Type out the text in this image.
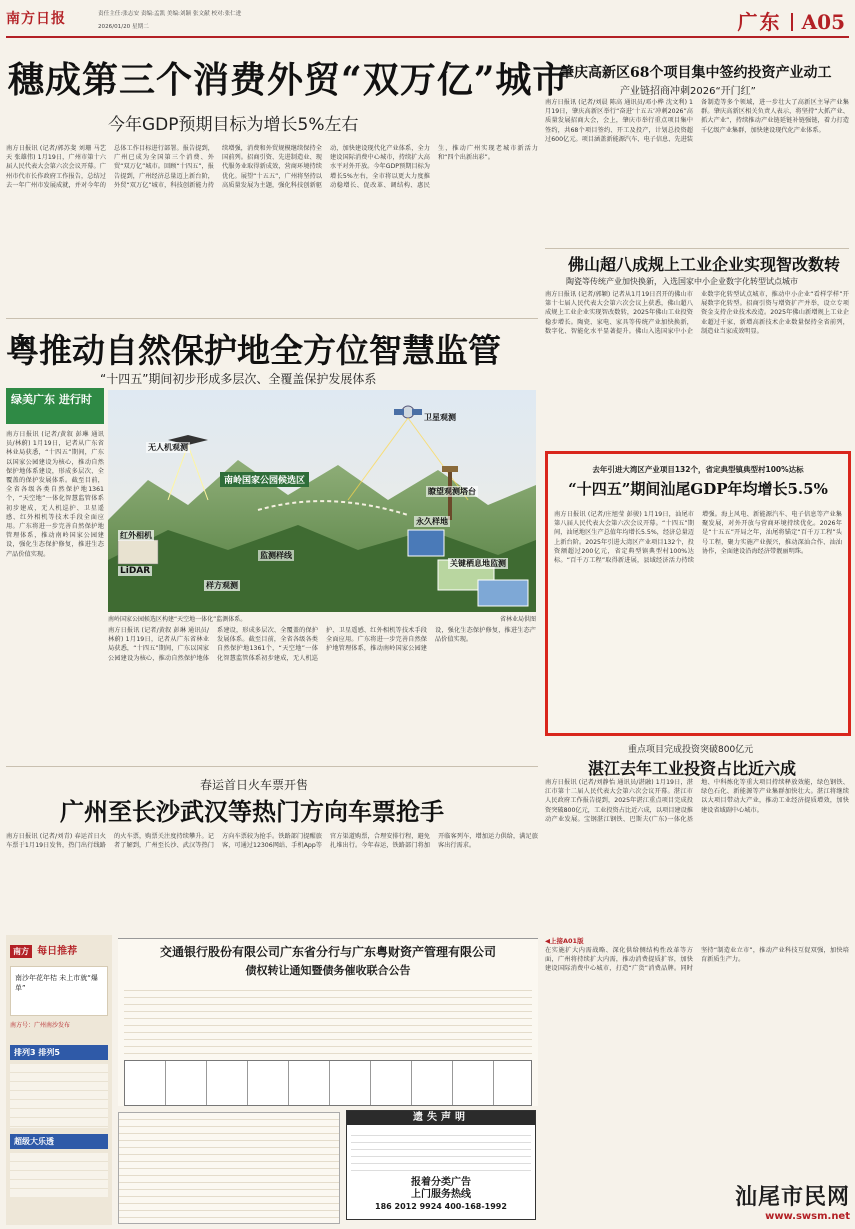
南方日报	责任主任:张志安 责编:孟凯 美编:刘颖 张文献 校对:张仁进
2026/01/20 星期二	广东 A05
穗成第三个消费外贸“双万亿”城市
今年GDP预期目标为增长5%左右
南方日报讯 (记者/郭苏斐 刘珊 马艺天 张雄伟) 1月19日，广州市第十六届人民代表大会第六次会议开幕。广州市代市长作政府工作报告，总结过去一年广州市发展成就，并对今年的总体工作目标进行部署。报告提到，广州已成为全国第三个消费、外贸“双万亿”城市。回顾“十四五”，报告提到，广州经济总量迈上新台阶，外贸“双万亿”城市，科技创新能力持续增强，消费和外贸规模继续保持全国前列。招商引资、先进制造业、现代服务业取得新成效，营商环境持续优化。展望“十五五”，广州将坚持以高质量发展为主题，强化科技创新驱动，加快建设现代化产业体系，全力建设国际消费中心城市，持续扩大高水平对外开放。今年GDP预期目标为增长5%左右，全市将以更大力度推动稳增长、促改革、调结构、惠民生，推动广州实现老城市新活力和“四个出新出彩”。
粤推动自然保护地全方位智慧监管
“十四五”期间初步形成多层次、全覆盖保护发展体系
绿美广东 进行时
南方日报讯 (记者/黄叙 彭琳 通讯员/林蔚) 1月19日，记者从广东省林业局获悉，“十四五”期间，广东以国家公园建设为核心，推动自然保护地体系建设，形成多层次、全覆盖的保护发展体系。截至目前，全省各级各类自然保护地1361个，“天空地”一体化智慧监管体系初步建成，无人机巡护、卫星遥感、红外相机等技术手段全面应用。广东将进一步完善自然保护地管理体系，推动南岭国家公园建设，强化生态保护修复，推进生态产品价值实现。
无人机观测
卫星观测
南岭国家公园候选区
瞭望观测塔台
红外相机
监测样线
永久样地
LiDAR
样方观测
关键栖息地监测
南岭国家公园候选区构建“天空地一体化”监测体系。	省林业局供图
南方日报讯 (记者/黄叙 彭琳 通讯员/林蔚) 1月19日，记者从广东省林业局获悉，“十四五”期间，广东以国家公园建设为核心，推动自然保护地体系建设，形成多层次、全覆盖的保护发展体系。截至目前，全省各级各类自然保护地1361个，“天空地”一体化智慧监管体系初步建成，无人机巡护、卫星遥感、红外相机等技术手段全面应用。广东将进一步完善自然保护地管理体系，推动南岭国家公园建设，强化生态保护修复，推进生态产品价值实现。
春运首日火车票开售
广州至长沙武汉等热门方向车票抢手
南方日报讯 (记者/刘青) 春运首日火车票于1月19日发售，热门出行线路的火车票，购票关注度持续攀升。记者了解到，广州至长沙、武汉等热门方向车票较为抢手。铁路部门提醒旅客，可通过12306网站、手机App等官方渠道购票，合理安排行程，避免扎堆出行。今年春运，铁路部门将加开临客列车，增加运力供给，满足旅客出行需求。
肇庆高新区68个项目集中签约投资产业动工
产业链招商冲刺2026“开门红”
南方日报讯 (记者/刘晨 陈高 通讯员/邓小桦 沈文利) 1月19日，肇庆高新区举行“奋进‘十五五’冲刺2026”高质量发展招商大会，会上，肇庆市举行重点项目集中签约，共68个项目签约、开工及投产，计划总投资超过600亿元。项目涵盖新能源汽车、电子信息、先进装备制造等多个领域，进一步壮大了高新区主导产业集群。肇庆高新区相关负责人表示，将坚持“大抓产业、抓大产业”，持续推动产业链延链补链强链，着力打造千亿级产业集群，加快建设现代化产业体系。
佛山超八成规上工业企业实现智改数转
陶瓷等传统产业加快换新，入选国家中小企业数字化转型试点城市
南方日报讯 (记者/郭颖) 记者从1月19日召开的佛山市第十七届人民代表大会第六次会议上获悉，佛山超八成规上工业企业实现智改数转，2025年佛山工业投资稳步增长。陶瓷、家电、家具等传统产业加快换新，数字化、智能化水平显著提升。佛山入选国家中小企业数字化转型试点城市，推动中小企业“看样学样”开展数字化转型。招商引资与增资扩产并举，设立专项资金支持企业技术改造。2025年佛山新增规上工业企业超过千家，新增高新技术企业数量保持全省前列，制造业当家成效明显。
去年引进大湾区产业项目132个，省定典型镇典型村100%达标
“十四五”期间汕尾GDP年均增长5.5%
南方日报讯 (记者/庄旭莹 彭骏) 1月19日，汕尾市第八届人民代表大会第六次会议开幕。“十四五”期间，汕尾地区生产总值年均增长5.5%，经济总量迈上新台阶。2025年引进大湾区产业项目132个，投资额超过200亿元，省定典型镇典型村100%达标。“百千万工程”取得新进展，县域经济活力持续增强。海上风电、新能源汽车、电子信息等产业集聚发展，对外开放与营商环境持续优化。2026年是“十五五”开局之年，汕尾将锚定“百千万工程”头号工程，聚力实施产业振兴，推动深汕合作、汕汕协作，全面建设沿海经济带靓丽明珠。
重点项目完成投资突破800亿元
湛江去年工业投资占比近六成
南方日报讯 (记者/刘静怡 通讯员/湛融) 1月19日，湛江市第十二届人民代表大会第六次会议开幕。湛江市人民政府工作报告提到，2025年湛江重点项目完成投资突破800亿元，工业投资占比近六成，以项目建设推动产业发展。宝钢湛江钢铁、巴斯夫(广东)一体化基地、中科炼化等重大项目持续释放效能，绿色钢铁、绿色石化、新能源等产业集群加快壮大。湛江将继续以大项目带动大产业，推动工业经济提质增效，加快建设省域副中心城市。
◀上接A01版
在实施扩大内需战略、深化供给侧结构性改革等方面，广州将持续扩大内需，推动消费提质扩容，加快建设国际消费中心城市，打造“广货”消费品牌。同时坚持“制造业立市”，推动产业科技互促双强，加快培育新质生产力。
南方 每日推荐
南沙年花年桔 未上市就“爆单”
南方号：广州南沙发布
排列3 排列5
超级大乐透
交通银行股份有限公司广东省分行与广东粤财资产管理有限公司
债权转让通知暨债务催收联合公告
遗失声明
报着分类广告
上门服务热线
186 2012 9924 400-168-1992	汕尾市民网
www.swsm.net
